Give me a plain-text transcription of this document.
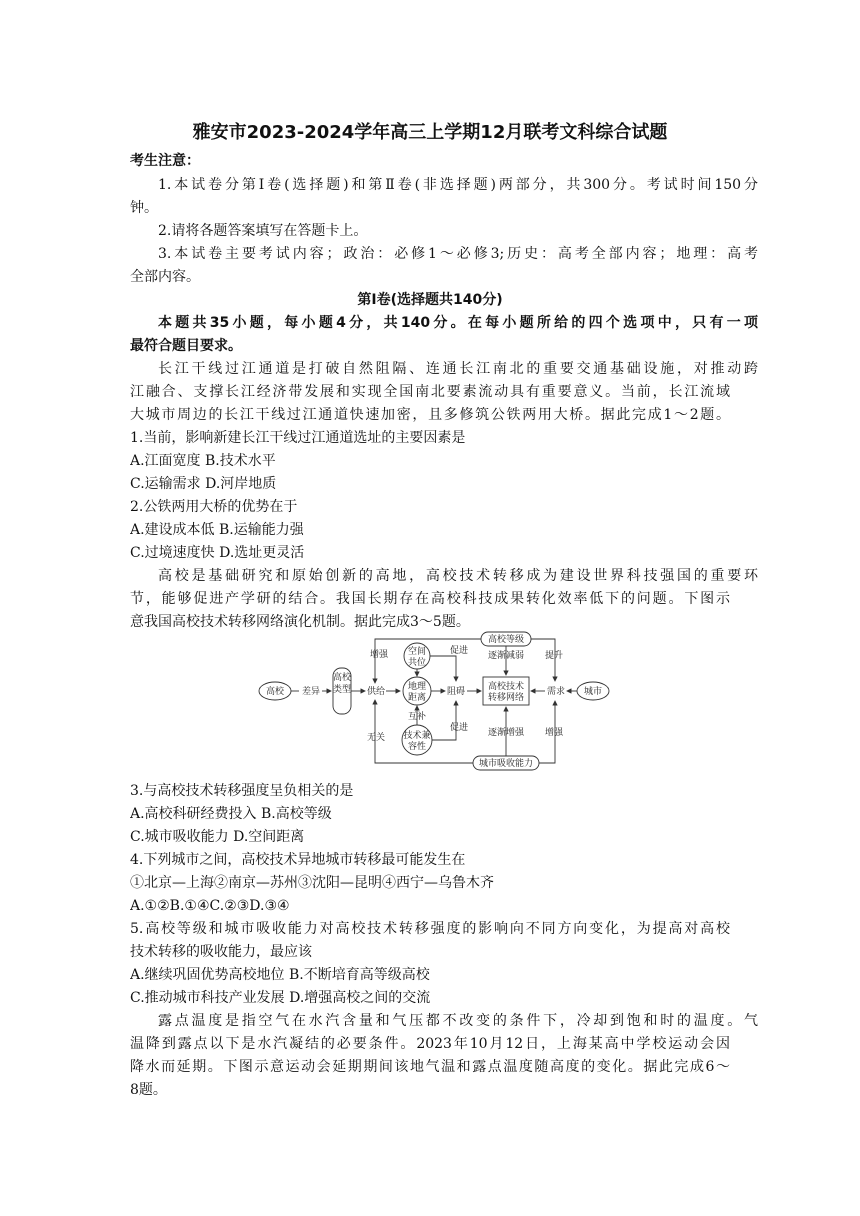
雅安市2023-2024学年高三上学期12月联考文科综合试题
考生注意：
1.本试卷分第Ⅰ卷(选择题)和第Ⅱ卷(非选择题)两部分，共300分。考试时间150分
钟。
2.请将各题答案填写在答题卡上。
3.本试卷主要考试内容；政治：必修1～必修3;历史：高考全部内容；地理：高考
全部内容。
第Ⅰ卷(选择题共140分)
本题共35小题，每小题4分，共140分。在每小题所给的四个选项中，只有一项
最符合题目要求。
长江干线过江通道是打破自然阻隔、连通长江南北的重要交通基础设施，对推动跨
江融合、支撑长江经济带发展和实现全国南北要素流动具有重要意义。当前，长江流域
大城市周边的长江干线过江通道快速加密，且多修筑公铁两用大桥。据此完成1～2题。
1.当前，影响新建长江干线过江通道选址的主要因素是
A.江面宽度 B.技术水平
C.运输需求 D.河岸地质
2.公铁两用大桥的优势在于
A.建设成本低 B.运输能力强
C.过境速度快 D.选址更灵活
高校是基础研究和原始创新的高地，高校技术转移成为建设世界科技强国的重要环
节，能够促进产学研的结合。我国长期存在高校科技成果转化效率低下的问题。下图示
意我国高校技术转移网络演化机制。据此完成3～5题。
高校 差异
高校
类型 供给
增强 空间
共位
促进
高校等级
逐渐减弱 提升
地理
距离
阻碍	高校技术
转移网络
需求 城市
互补
促进
无关 技术兼
容性
逐渐增强 增强
城市吸收能力
3.与高校技术转移强度呈负相关的是
A.高校科研经费投入 B.高校等级
C.城市吸收能力 D.空间距离
4.下列城市之间，高校技术异地城市转移最可能发生在
①北京—上海②南京—苏州③沈阳—昆明④西宁—乌鲁木齐
A.①②B.①④C.②③D.③④
5.高校等级和城市吸收能力对高校技术转移强度的影响向不同方向变化，为提高对高校
技术转移的吸收能力，最应该
A.继续巩固优势高校地位 B.不断培育高等级高校
C.推动城市科技产业发展 D.增强高校之间的交流
露点温度是指空气在水汽含量和气压都不改变的条件下，冷却到饱和时的温度。气
温降到露点以下是水汽凝结的必要条件。2023年10月12日，上海某高中学校运动会因
降水而延期。下图示意运动会延期期间该地气温和露点温度随高度的变化。据此完成6～
8题。
